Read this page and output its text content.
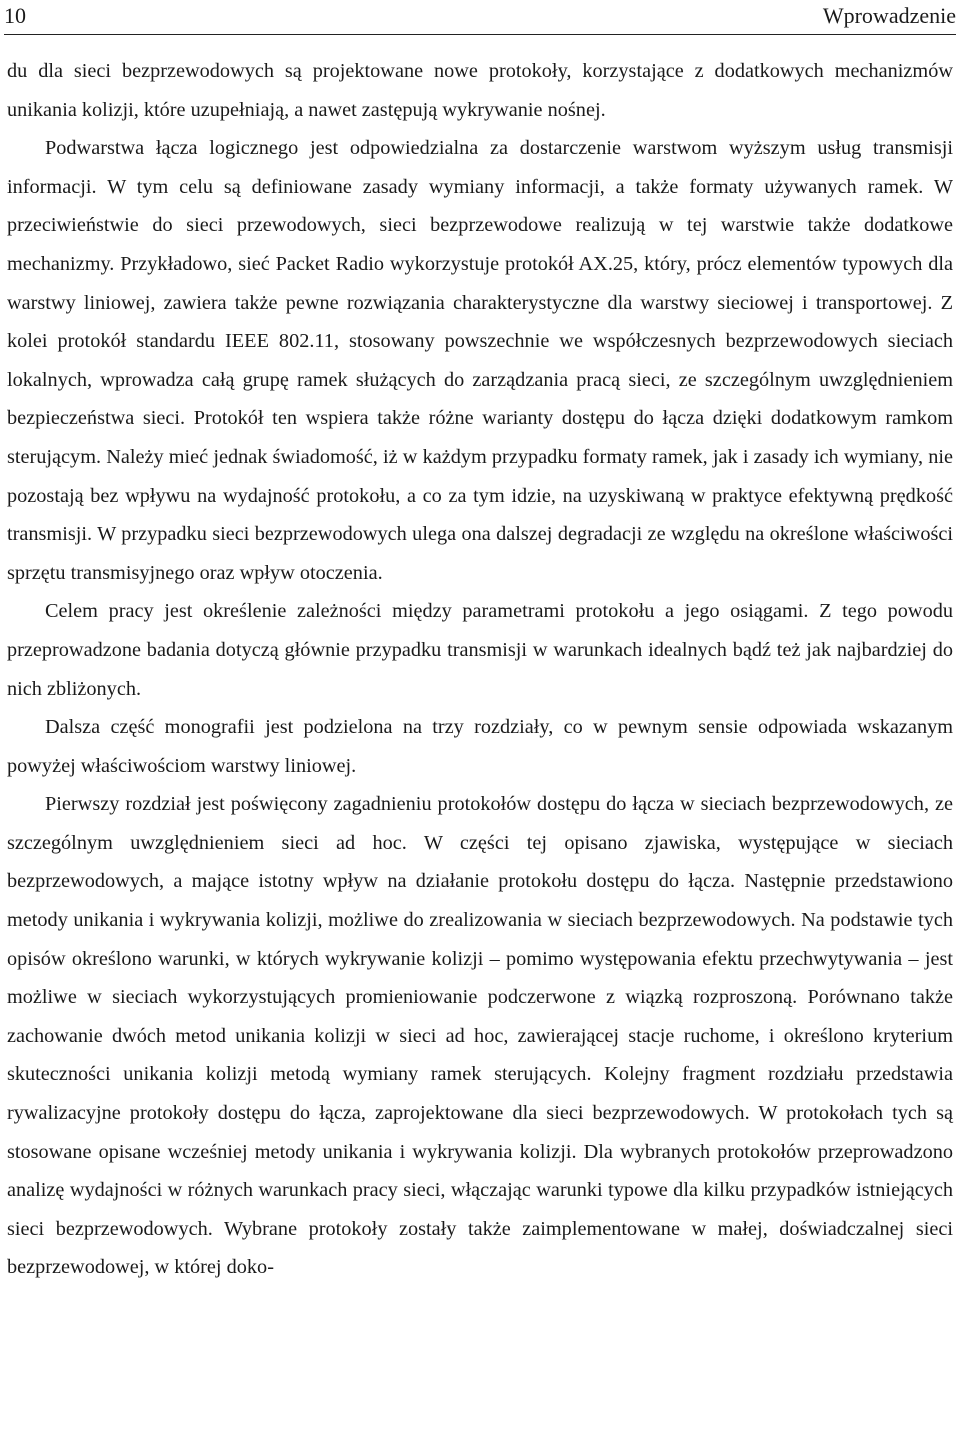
10	Wprowadzenie

du dla sieci bezprzewodowych są projektowane nowe protokoły, korzystające z dodatkowych mechanizmów unikania kolizji, które uzupełniają, a nawet zastępują wykrywanie nośnej.

Podwarstwa łącza logicznego jest odpowiedzialna za dostarczenie warstwom wyższym usług transmisji informacji. W tym celu są definiowane zasady wymiany informacji, a także formaty używanych ramek. W przeciwieństwie do sieci przewodowych, sieci bezprzewodowe realizują w tej warstwie także dodatkowe mechanizmy. Przykładowo, sieć Packet Radio wykorzystuje protokół AX.25, który, prócz elementów typowych dla warstwy liniowej, zawiera także pewne rozwiązania charakterystyczne dla warstwy sieciowej i transportowej. Z kolei protokół standardu IEEE 802.11, stosowany powszechnie we współczesnych bezprzewodowych sieciach lokalnych, wprowadza całą grupę ramek służących do zarządzania pracą sieci, ze szczególnym uwzględnieniem bezpieczeństwa sieci. Protokół ten wspiera także różne warianty dostępu do łącza dzięki dodatkowym ramkom sterującym. Należy mieć jednak świadomość, iż w każdym przypadku formaty ramek, jak i zasady ich wymiany, nie pozostają bez wpływu na wydajność protokołu, a co za tym idzie, na uzyskiwaną w praktyce efektywną prędkość transmisji. W przypadku sieci bezprzewodowych ulega ona dalszej degradacji ze względu na określone właściwości sprzętu transmisyjnego oraz wpływ otoczenia.

Celem pracy jest określenie zależności między parametrami protokołu a jego osiągami. Z tego powodu przeprowadzone badania dotyczą głównie przypadku transmisji w warunkach idealnych bądź też jak najbardziej do nich zbliżonych.

Dalsza część monografii jest podzielona na trzy rozdziały, co w pewnym sensie odpowiada wskazanym powyżej właściwościom warstwy liniowej.

Pierwszy rozdział jest poświęcony zagadnieniu protokołów dostępu do łącza w sieciach bezprzewodowych, ze szczególnym uwzględnieniem sieci ad hoc. W części tej opisano zjawiska, występujące w sieciach bezprzewodowych, a mające istotny wpływ na działanie protokołu dostępu do łącza. Następnie przedstawiono metody unikania i wykrywania kolizji, możliwe do zrealizowania w sieciach bezprzewodowych. Na podstawie tych opisów określono warunki, w których wykrywanie kolizji – pomimo występowania efektu przechwytywania – jest możliwe w sieciach wykorzystujących promieniowanie podczerwone z wiązką rozproszoną. Porównano także zachowanie dwóch metod unikania kolizji w sieci ad hoc, zawierającej stacje ruchome, i określono kryterium skuteczności unikania kolizji metodą wymiany ramek sterujących. Kolejny fragment rozdziału przedstawia rywalizacyjne protokoły dostępu do łącza, zaprojektowane dla sieci bezprzewodowych. W protokołach tych są stosowane opisane wcześniej metody unikania i wykrywania kolizji. Dla wybranych protokołów przeprowadzono analizę wydajności w różnych warunkach pracy sieci, włączając warunki typowe dla kilku przypadków istniejących sieci bezprzewodowych. Wybrane protokoły zostały także zaimplementowane w małej, doświadczalnej sieci bezprzewodowej, w której doko-
